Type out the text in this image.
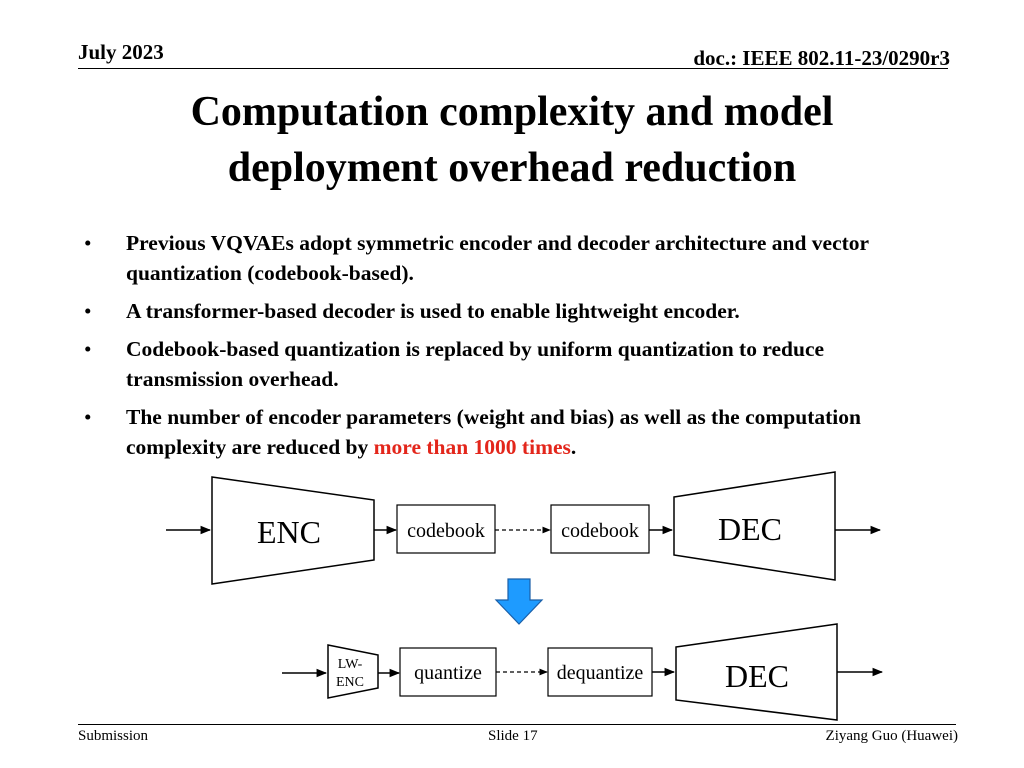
July 2023	doc.: IEEE 802.11-23/0290r3
Computation complexity and model
deployment overhead reduction
• Previous VQVAEs adopt symmetric encoder and decoder architecture and vector quantization (codebook-based).
• A transformer-based decoder is used to enable lightweight encoder.
• Codebook-based quantization is replaced by uniform quantization to reduce transmission overhead.
• The number of encoder parameters (weight and bias) as well as the computation complexity are reduced by more than 1000 times.
ENC	codebook	codebook DEC
LW-
ENC	quantize	dequantize	DEC
Submission	Slide 17	Ziyang Guo (Huawei)
